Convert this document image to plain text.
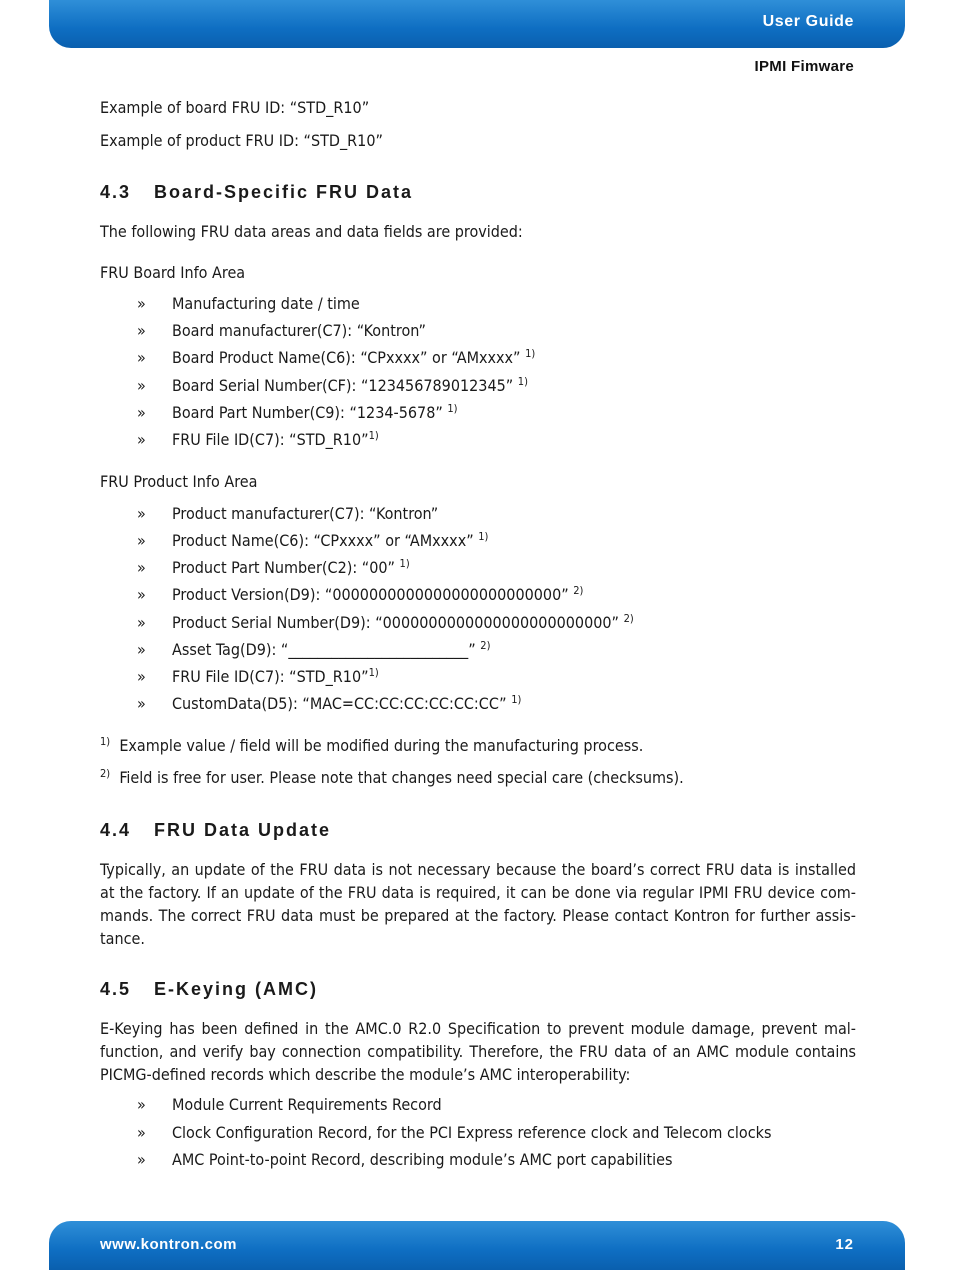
User Guide
IPMI Fimware
Example of board FRU ID: “STD_R10”
Example of product FRU ID: “STD_R10”
4.3 Board-Specific FRU Data
The following FRU data areas and data fields are provided:
FRU Board Info Area
» Manufacturing date / time
» Board manufacturer(C7): “Kontron”
» Board Product Name(C6): “CPxxxx” or “AMxxxx” $^{1)}$
» Board Serial Number(CF): “123456789012345” $^{1)}$
» Board Part Number(C9): “1234-5678” $^{1)}$
» FRU File ID(C7): “STD_R10”$^{1)}$
FRU Product Info Area
» Product manufacturer(C7): “Kontron”
» Product Name(C6): “CPxxxx” or “AMxxxx” $^{1)}$
» Product Part Number(C2): “00” $^{1)}$
» Product Version(D9): “0000000000000000000000000” $^{2)}$
» Product Serial Number(D9): “0000000000000000000000000” $^{2)}$
» Asset Tag(D9): “_________________________” $^{2)}$
» FRU File ID(C7): “STD_R10”$^{1)}$
» CustomData(D5): “MAC=CC:CC:CC:CC:CC:CC” $^{1)}$
$^{1)}$ Example value / field will be modified during the manufacturing process.
$^{2)}$ Field is free for user. Please note that changes need special care (checksums).
4.4 FRU Data Update
Typically, an update of the FRU data is not necessary because the board’s correct FRU data is installed
at the factory. If an update of the FRU data is required, it can be done via regular IPMI FRU device com-
mands. The correct FRU data must be prepared at the factory. Please contact Kontron for further assis-
tance.
4.5 E-Keying (AMC)
E-Keying has been defined in the AMC.0 R2.0 Specification to prevent module damage, prevent mal-
function, and verify bay connection compatibility. Therefore, the FRU data of an AMC module contains
PICMG-defined records which describe the module’s AMC interoperability:
» Module Current Requirements Record
» Clock Configuration Record, for the PCI Express reference clock and Telecom clocks
» AMC Point-to-point Record, describing module’s AMC port capabilities
www.kontron.com	12
